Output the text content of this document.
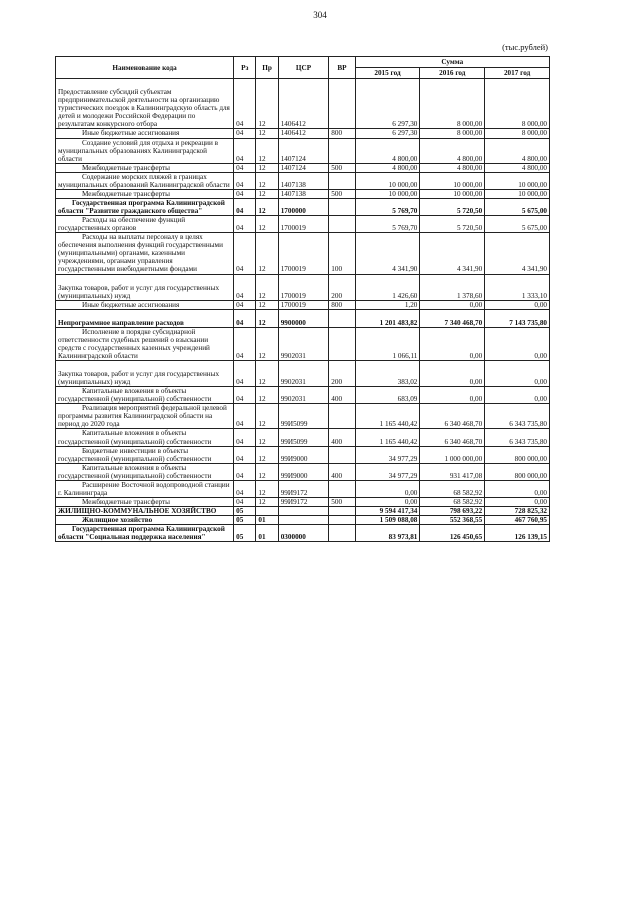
304
(тыс.рублей)
Наименование кода	Рз	Пр	ЦСР	ВР	Сумма		
					2015 год	2016 год	2017 год

Предоставление субсидий субъектам предпринимательской деятельности на организацию туристических поездок в Калининградскую область для детей и молодежи Российской Федерации по результатам конкурсного отбора	04	12	1406412		6 297,30	8 000,00	8 000,00
Иные бюджетные ассигнования	04	12	1406412	800	6 297,30	8 000,00	8 000,00
Создание условий для отдыха и рекреации в муниципальных образованиях Калининградской области	04	12	1407124		4 800,00	4 800,00	4 800,00
Межбюджетные трансферты	04	12	1407124	500	4 800,00	4 800,00	4 800,00
Содержание морских пляжей в границах муниципальных образований Калининградской области	04	12	1407138		10 000,00	10 000,00	10 000,00
Межбюджетные трансферты	04	12	1407138	500	10 000,00	10 000,00	10 000,00
Государственная программа Калининградской области "Развитие гражданского общества"	04	12	1700000		5 769,70	5 720,50	5 675,00
Расходы на обеспечение функций государственных органов	04	12	1700019		5 769,70	5 720,50	5 675,00
Расходы на выплаты персоналу в целях обеспечения выполнения функций государственными (муниципальными) органами, казенными учреждениями, органами управления государственными внебюджетными фондами	04	12	1700019	100	4 341,90	4 341,90	4 341,90

Закупка товаров, работ и услуг для государственных (муниципальных) нужд	04	12	1700019	200	1 426,60	1 378,60	1 333,10
Иные бюджетные ассигнования	04	12	1700019	800	1,20	0,00	0,00

Непрограммное направление расходов	04	12	9900000		1 201 483,82	7 340 468,70	7 143 735,80
Исполнение в порядке субсидиарной ответственности судебных решений о взыскании средств с государственных казенных учреждений Калининградской области	04	12	9902031		1 066,11	0,00	0,00

Закупка товаров, работ и услуг для государственных (муниципальных) нужд	04	12	9902031	200	383,02	0,00	0,00
Капитальные вложения в объекты государственной (муниципальной) собственности	04	12	9902031	400	683,09	0,00	0,00
Реализация мероприятий федеральной целевой программы развития Калининградской области на период до 2020 года	04	12	99И5099		1 165 440,42	6 340 468,70	6 343 735,80
Капитальные вложения в объекты государственной (муниципальной) собственности	04	12	99И5099	400	1 165 440,42	6 340 468,70	6 343 735,80
Бюджетные инвестиции в объекты государственной (муниципальной) собственности	04	12	99И9000		34 977,29	1 000 000,00	800 000,00
Капитальные вложения в объекты государственной (муниципальной) собственности	04	12	99И9000	400	34 977,29	931 417,08	800 000,00
Расширение Восточной водопроводной станции г. Калининграда	04	12	99И9172		0,00	68 582,92	0,00
Межбюджетные трансферты	04	12	99И9172	500	0,00	68 582,92	0,00
ЖИЛИЩНО-КОММУНАЛЬНОЕ ХОЗЯЙСТВО	05				9 594 417,34	798 693,22	728 825,32
Жилищное хозяйство	05	01			1 509 088,08	552 368,55	467 760,95
Государственная программа Калининградской области "Социальная поддержка населения"	05	01	0300000		83 973,81	126 450,65	126 139,15
